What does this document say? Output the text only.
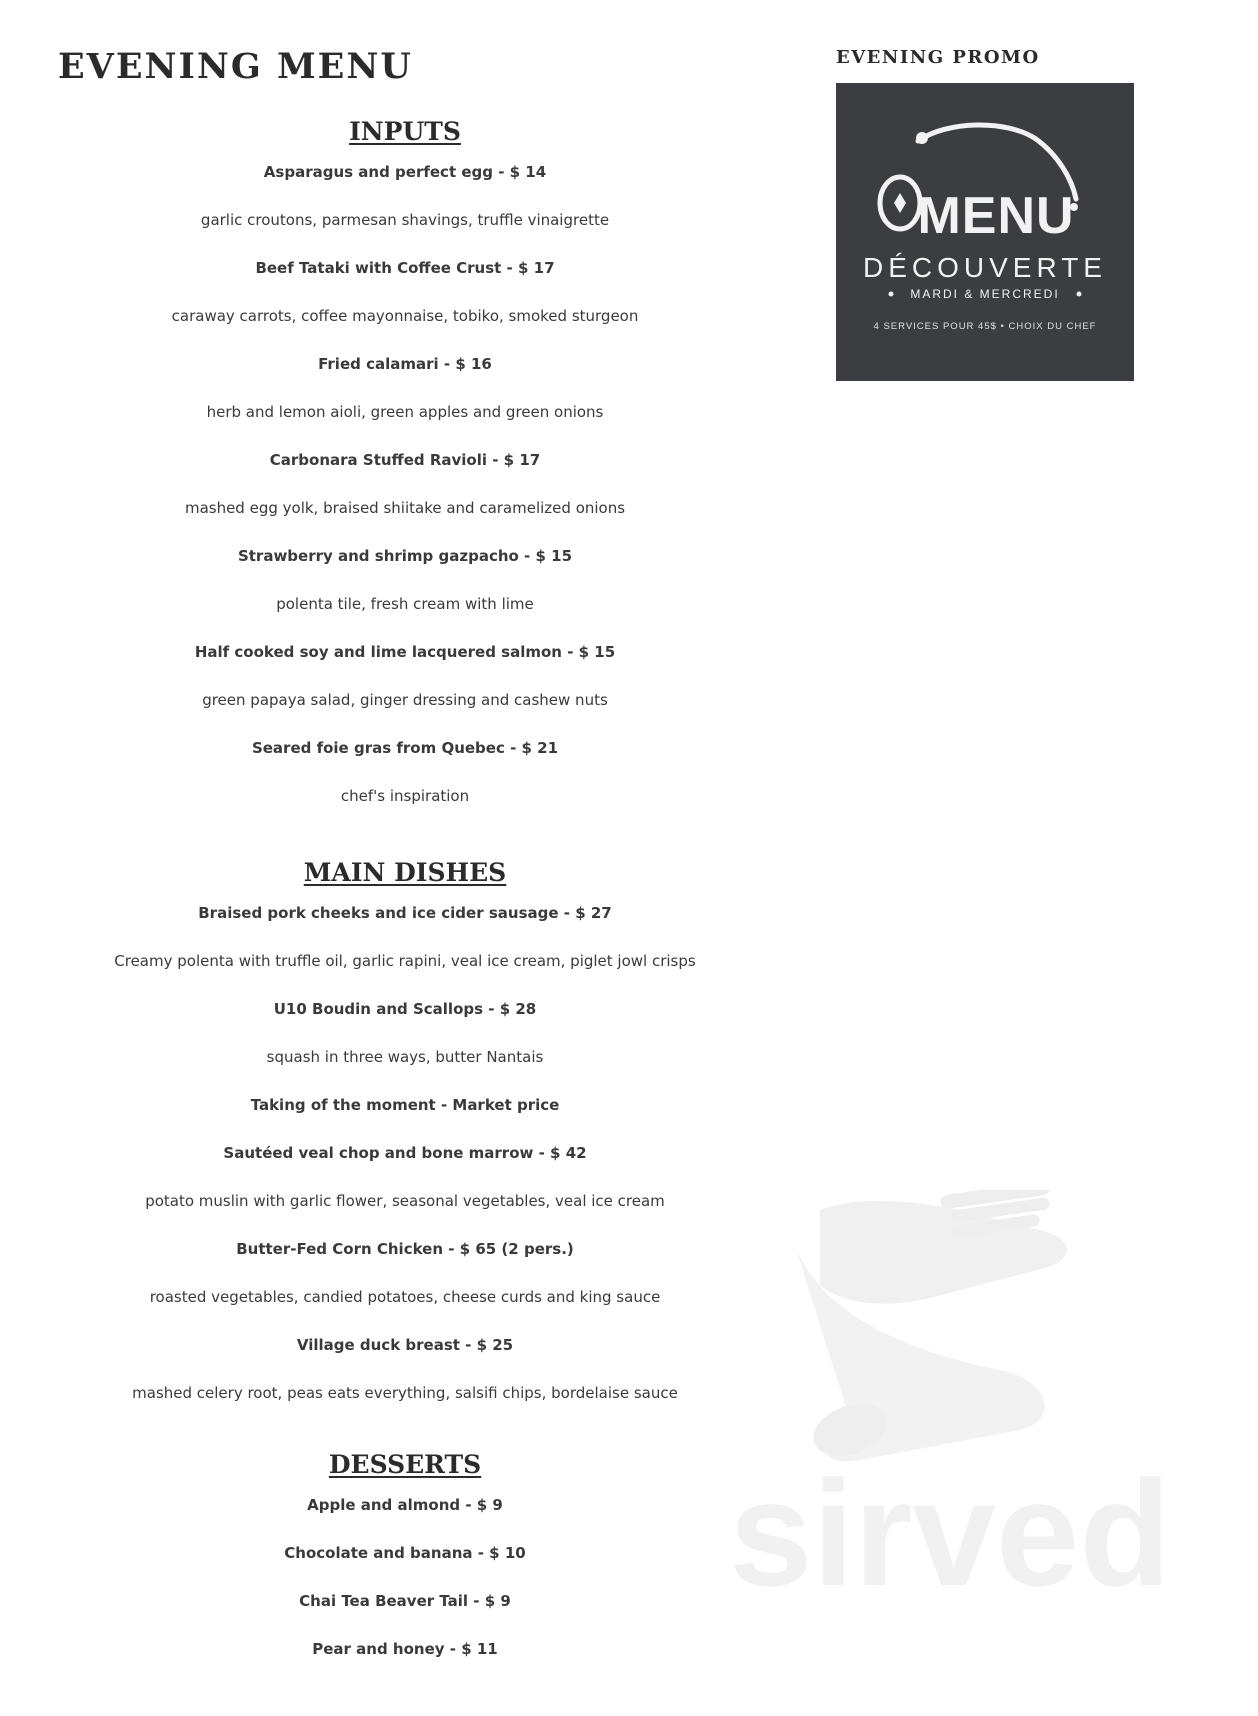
EVENING MENU
INPUTS
Asparagus and perfect egg - $ 14
garlic croutons, parmesan shavings, truffle vinaigrette
Beef Tataki with Coffee Crust - $ 17
caraway carrots, coffee mayonnaise, tobiko, smoked sturgeon
Fried calamari - $ 16
herb and lemon aioli, green apples and green onions
Carbonara Stuffed Ravioli - $ 17
mashed egg yolk, braised shiitake and caramelized onions
Strawberry and shrimp gazpacho - $ 15
polenta tile, fresh cream with lime
Half cooked soy and lime lacquered salmon - $ 15
green papaya salad, ginger dressing and cashew nuts
Seared foie gras from Quebec - $ 21
chef's inspiration
MAIN DISHES
Braised pork cheeks and ice cider sausage - $ 27
Creamy polenta with truffle oil, garlic rapini, veal ice cream, piglet jowl crisps
U10 Boudin and Scallops - $ 28
squash in three ways, butter Nantais
Taking of the moment - Market price
Sautéed veal chop and bone marrow - $ 42
potato muslin with garlic flower, seasonal vegetables, veal ice cream
Butter-Fed Corn Chicken - $ 65 (2 pers.)
roasted vegetables, candied potatoes, cheese curds and king sauce
Village duck breast - $ 25
mashed celery root, peas eats everything, salsifi chips, bordelaise sauce
DESSERTS
Apple and almond - $ 9
Chocolate and banana - $ 10
Chai Tea Beaver Tail - $ 9
Pear and honey - $ 11
EVENING PROMO
MENU
DÉCOUVERTE
MARDI & MERCREDI
4 SERVICES POUR 45$ • CHOIX DU CHEF
sirved
